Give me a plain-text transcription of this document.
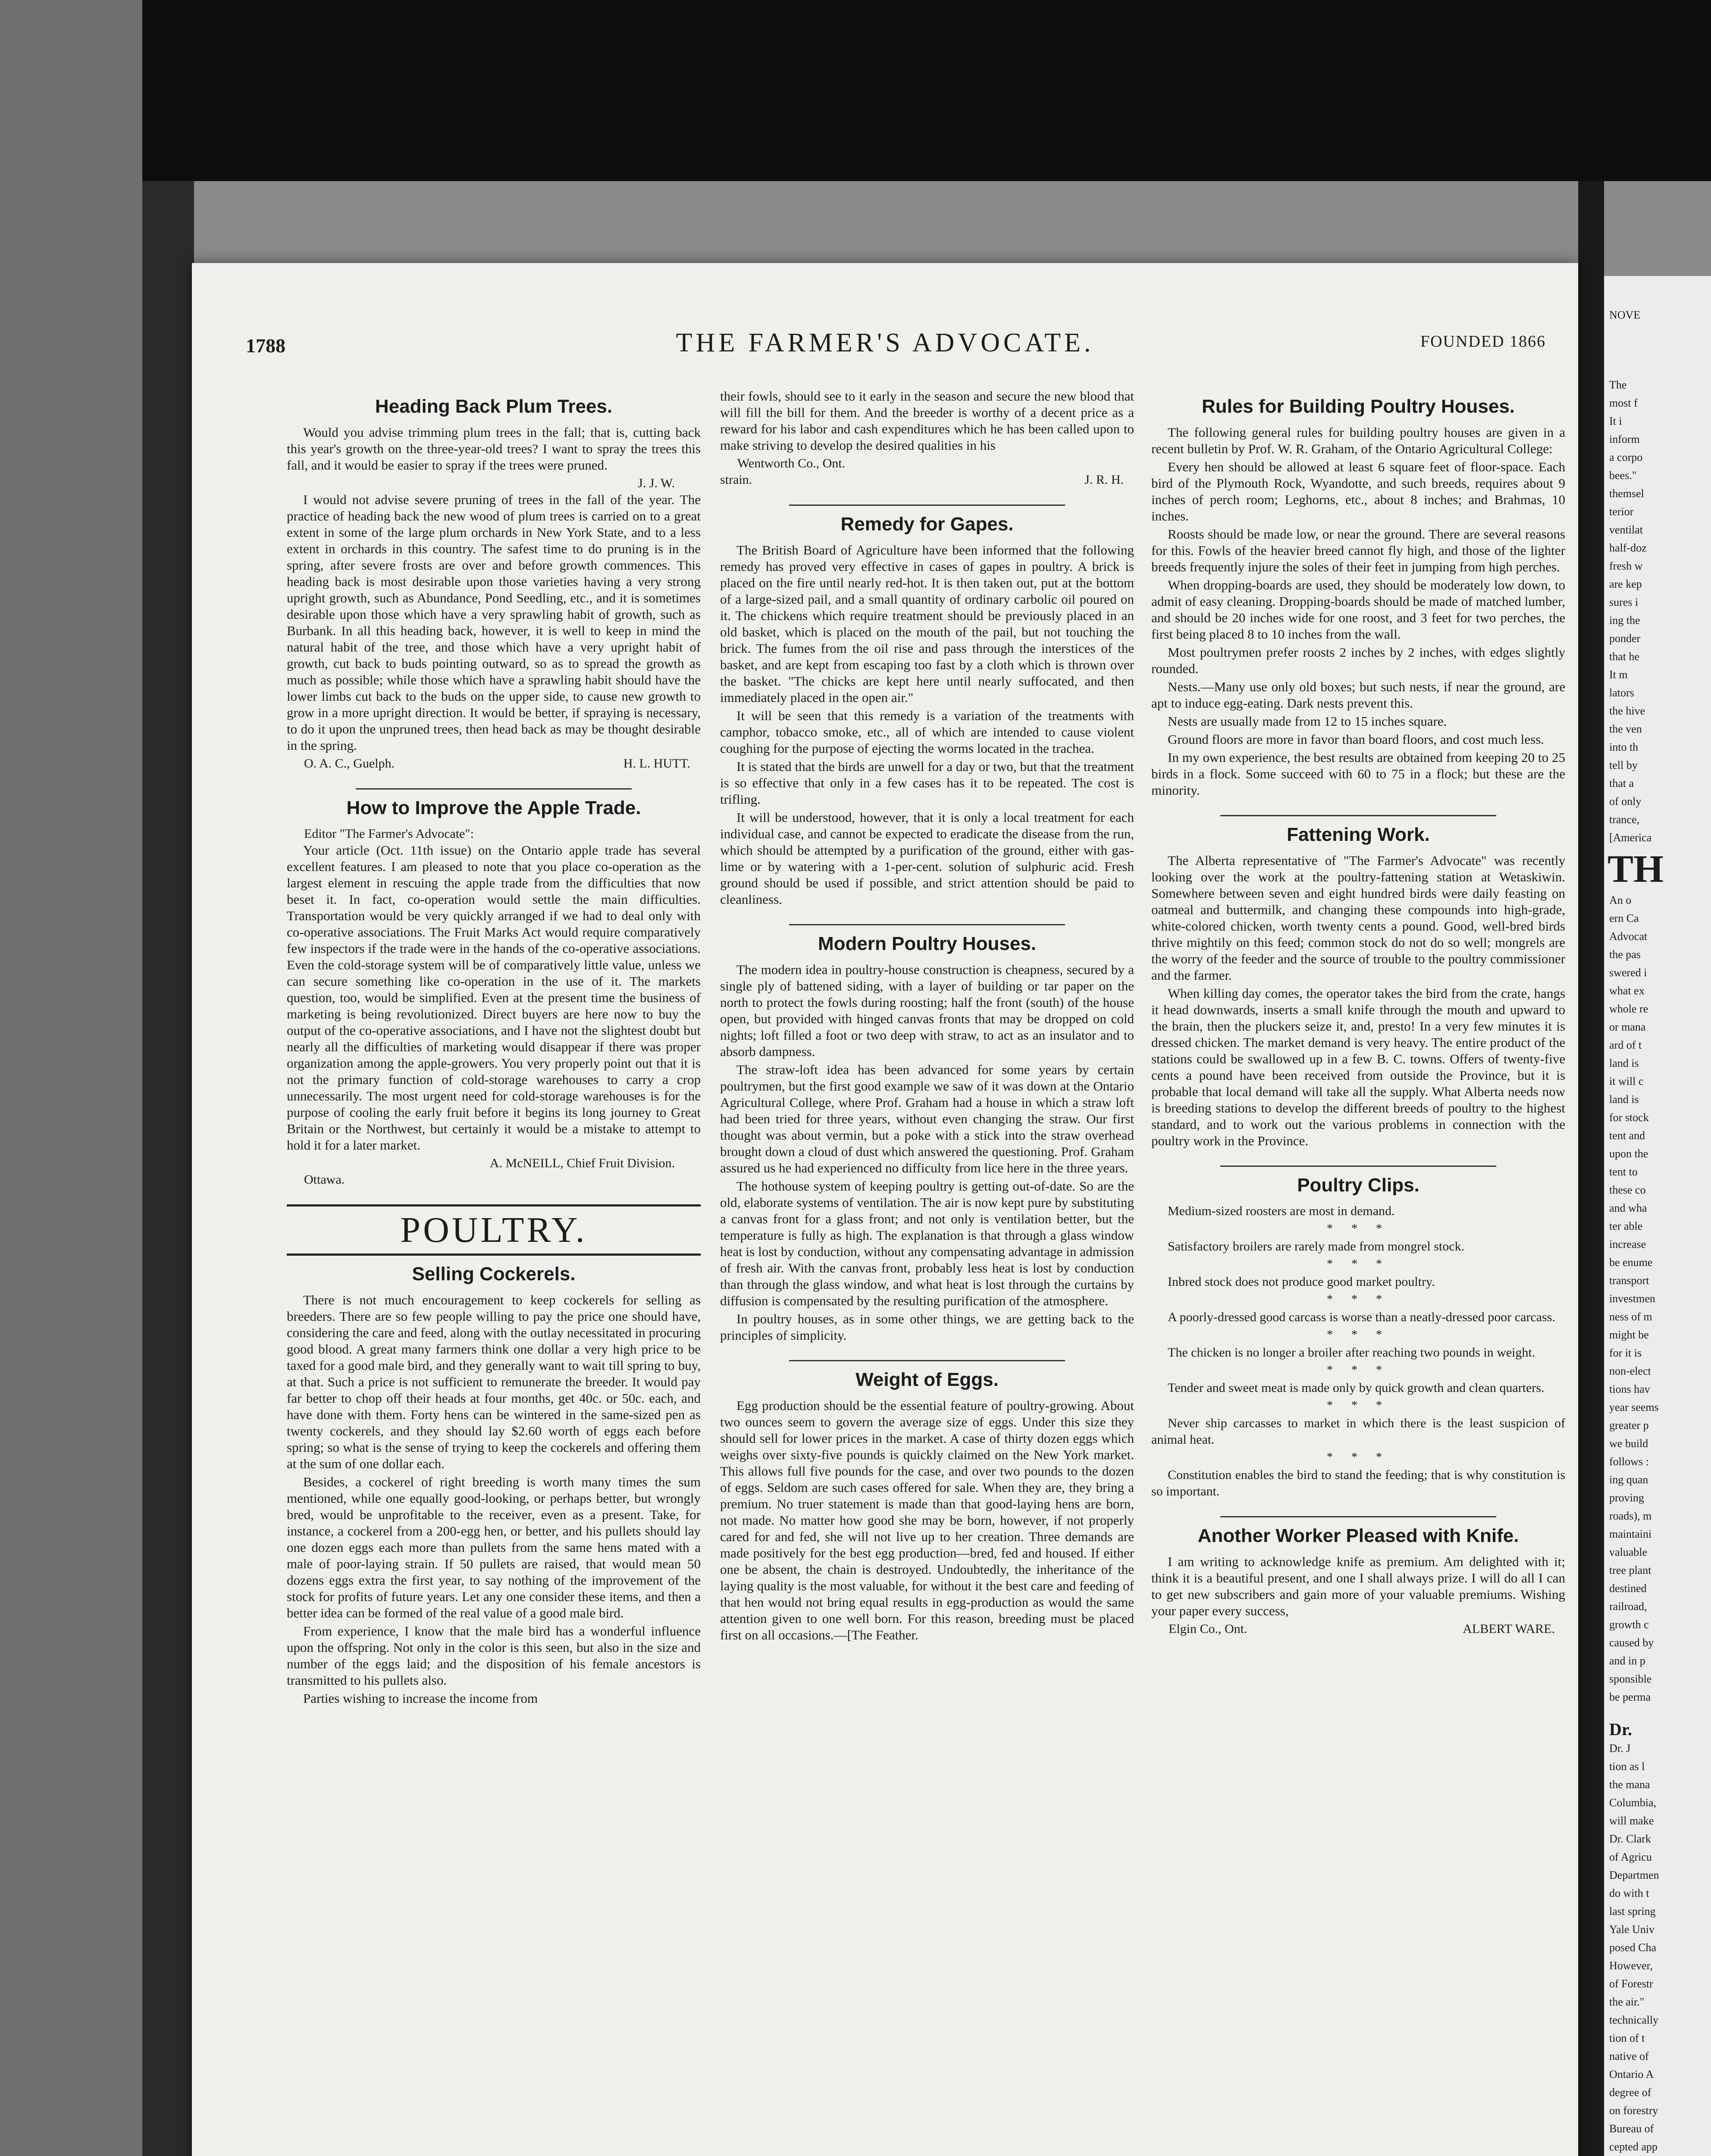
1788	THE FARMER'S ADVOCATE.	FOUNDED 1866
Heading Back Plum Trees.

Would you advise trimming plum trees in the fall; that is, cutting back this year's growth on the three-year-old trees? I want to spray the trees this fall, and it would be easier to spray if the trees were pruned.

J. J. W.

I would not advise severe pruning of trees in the fall of the year. The practice of heading back the new wood of plum trees is carried on to a great extent in some of the large plum orchards in New York State, and to a less extent in orchards in this country. The safest time to do pruning is in the spring, after severe frosts are over and before growth commences. This heading back is most desirable upon those varieties having a very strong upright growth, such as Abundance, Pond Seedling, etc., and it is sometimes desirable upon those which have a very sprawling habit of growth, such as Burbank. In all this heading back, however, it is well to keep in mind the natural habit of the tree, and those which have a very upright habit of growth, cut back to buds pointing outward, so as to spread the growth as much as possible; while those which have a sprawling habit should have the lower limbs cut back to the buds on the upper side, to cause new growth to grow in a more upright direction. It would be better, if spraying is necessary, to do it upon the unpruned trees, then head back as may be thought desirable in the spring.

O. A. C., Guelph.	H. L. HUTT.
How to Improve the Apple Trade.
Editor "The Farmer's Advocate":

Your article (Oct. 11th issue) on the Ontario apple trade has several excellent features. I am pleased to note that you place co-operation as the largest element in rescuing the apple trade from the difficulties that now beset it. In fact, co-operation would settle the main difficulties. Transportation would be very quickly arranged if we had to deal only with co-operative associations. The Fruit Marks Act would require comparatively few inspectors if the trade were in the hands of the co-operative associations. Even the cold-storage system will be of comparatively little value, unless we can secure something like co-operation in the use of it. The markets question, too, would be simplified. Even at the present time the business of marketing is being revolutionized. Direct buyers are here now to buy the output of the co-operative associations, and I have not the slightest doubt but nearly all the difficulties of marketing would disappear if there was proper organization among the apple-growers. You very properly point out that it is not the primary function of cold-storage warehouses to carry a crop unnecessarily. The most urgent need for cold-storage warehouses is for the purpose of cooling the early fruit before it begins its long journey to Great Britain or the Northwest, but certainly it would be a mistake to attempt to hold it for a later market.

A. McNEILL, Chief Fruit Division.
Ottawa.
POULTRY.
Selling Cockerels.

There is not much encouragement to keep cockerels for selling as breeders. There are so few people willing to pay the price one should have, considering the care and feed, along with the outlay necessitated in procuring good blood. A great many farmers think one dollar a very high price to be taxed for a good male bird, and they generally want to wait till spring to buy, at that. Such a price is not sufficient to remunerate the breeder. It would pay far better to chop off their heads at four months, get 40c. or 50c. each, and have done with them. Forty hens can be wintered in the same-sized pen as twenty cockerels, and they should lay $2.60 worth of eggs each before spring; so what is the sense of trying to keep the cockerels and offering them at the sum of one dollar each.

Besides, a cockerel of right breeding is worth many times the sum mentioned, while one equally good-looking, or perhaps better, but wrongly bred, would be unprofitable to the receiver, even as a present. Take, for instance, a cockerel from a 200-egg hen, or better, and his pullets should lay one dozen eggs each more than pullets from the same hens mated with a male of poor-laying strain. If 50 pullets are raised, that would mean 50 dozens eggs extra the first year, to say nothing of the improvement of the stock for profits of future years. Let any one consider these items, and then a better idea can be formed of the real value of a good male bird.

From experience, I know that the male bird has a wonderful influence upon the offspring. Not only in the color is this seen, but also in the size and number of the eggs laid; and the disposition of his female ancestors is transmitted to his pullets also.

Parties wishing to increase the income from

their fowls, should see to it early in the season and secure the new blood that will fill the bill for them. And the breeder is worthy of a decent price as a reward for his labor and cash expenditures which he has been called upon to make striving to develop the desired qualities in his

Wentworth Co., Ont.
strain.	J. R. H.
Remedy for Gapes.

The British Board of Agriculture have been informed that the following remedy has proved very effective in cases of gapes in poultry. A brick is placed on the fire until nearly red-hot. It is then taken out, put at the bottom of a large-sized pail, and a small quantity of ordinary carbolic oil poured on it. The chickens which require treatment should be previously placed in an old basket, which is placed on the mouth of the pail, but not touching the brick. The fumes from the oil rise and pass through the interstices of the basket, and are kept from escaping too fast by a cloth which is thrown over the basket. "The chicks are kept here until nearly suffocated, and then immediately placed in the open air."

It will be seen that this remedy is a variation of the treatments with camphor, tobacco smoke, etc., all of which are intended to cause violent coughing for the purpose of ejecting the worms located in the trachea.

It is stated that the birds are unwell for a day or two, but that the treatment is so effective that only in a few cases has it to be repeated. The cost is trifling.

It will be understood, however, that it is only a local treatment for each individual case, and cannot be expected to eradicate the disease from the run, which should be attempted by a purification of the ground, either with gas-lime or by watering with a 1-per-cent. solution of sulphuric acid. Fresh ground should be used if possible, and strict attention should be paid to cleanliness.

Modern Poultry Houses.

The modern idea in poultry-house construction is cheapness, secured by a single ply of battened siding, with a layer of building or tar paper on the north to protect the fowls during roosting; half the front (south) of the house open, but provided with hinged canvas fronts that may be dropped on cold nights; loft filled a foot or two deep with straw, to act as an insulator and to absorb dampness.

The straw-loft idea has been advanced for some years by certain poultrymen, but the first good example we saw of it was down at the Ontario Agricultural College, where Prof. Graham had a house in which a straw loft had been tried for three years, without even changing the straw. Our first thought was about vermin, but a poke with a stick into the straw overhead brought down a cloud of dust which answered the questioning. Prof. Graham assured us he had experienced no difficulty from lice here in the three years.

The hothouse system of keeping poultry is getting out-of-date. So are the old, elaborate systems of ventilation. The air is now kept pure by substituting a canvas front for a glass front; and not only is ventilation better, but the temperature is fully as high. The explanation is that through a glass window heat is lost by conduction, without any compensating advantage in admission of fresh air. With the canvas front, probably less heat is lost by conduction than through the glass window, and what heat is lost through the curtains by diffusion is compensated by the resulting purification of the atmosphere.

In poultry houses, as in some other things, we are getting back to the principles of simplicity.

Weight of Eggs.

Egg production should be the essential feature of poultry-growing. About two ounces seem to govern the average size of eggs. Under this size they should sell for lower prices in the market. A case of thirty dozen eggs which weighs over sixty-five pounds is quickly claimed on the New York market. This allows full five pounds for the case, and over two pounds to the dozen of eggs. Seldom are such cases offered for sale. When they are, they bring a premium. No truer statement is made than that good-laying hens are born, not made. No matter how good she may be born, however, if not properly cared for and fed, she will not live up to her creation. Three demands are made positively for the best egg production—bred, fed and housed. If either one be absent, the chain is destroyed. Undoubtedly, the inheritance of the laying quality is the most valuable, for without it the best care and feeding of that hen would not bring equal results in egg-production as would the same attention given to one well born. For this reason, breeding must be placed first on all occasions.—[The Feather.

Rules for Building Poultry Houses.

The following general rules for building poultry houses are given in a recent bulletin by Prof. W. R. Graham, of the Ontario Agricultural College:

Every hen should be allowed at least 6 square feet of floor-space. Each bird of the Plymouth Rock, Wyandotte, and such breeds, requires about 9 inches of perch room; Leghorns, etc., about 8 inches; and Brahmas, 10 inches.

Roosts should be made low, or near the ground. There are several reasons for this. Fowls of the heavier breed cannot fly high, and those of the lighter breeds frequently injure the soles of their feet in jumping from high perches.

When dropping-boards are used, they should be moderately low down, to admit of easy cleaning. Dropping-boards should be made of matched lumber, and should be 20 inches wide for one roost, and 3 feet for two perches, the first being placed 8 to 10 inches from the wall.

Most poultrymen prefer roosts 2 inches by 2 inches, with edges slightly rounded.

Nests.—Many use only old boxes; but such nests, if near the ground, are apt to induce egg-eating. Dark nests prevent this.

Nests are usually made from 12 to 15 inches square.

Ground floors are more in favor than board floors, and cost much less.

In my own experience, the best results are obtained from keeping 20 to 25 birds in a flock. Some succeed with 60 to 75 in a flock; but these are the minority.

Fattening Work.

The Alberta representative of "The Farmer's Advocate" was recently looking over the work at the poultry-fattening station at Wetaskiwin. Somewhere between seven and eight hundred birds were daily feasting on oatmeal and buttermilk, and changing these compounds into high-grade, white-colored chicken, worth twenty cents a pound. Good, well-bred birds thrive mightily on this feed; common stock do not do so well; mongrels are the worry of the feeder and the source of trouble to the poultry commissioner and the farmer.

When killing day comes, the operator takes the bird from the crate, hangs it head downwards, inserts a small knife through the mouth and upward to the brain, then the pluckers seize it, and, presto! In a very few minutes it is dressed chicken. The market demand is very heavy. The entire product of the stations could be swallowed up in a few B. C. towns. Offers of twenty-five cents a pound have been received from outside the Province, but it is probable that local demand will take all the supply. What Alberta needs now is breeding stations to develop the different breeds of poultry to the highest standard, and to work out the various problems in connection with the poultry work in the Province.

Poultry Clips.
Medium-sized roosters are most in demand.
* * *
Satisfactory broilers are rarely made from mongrel stock.
* * *
Inbred stock does not produce good market poultry.
* * *
A poorly-dressed good carcass is worse than a neatly-dressed poor carcass.
* * *
The chicken is no longer a broiler after reaching two pounds in weight.
* * *
Tender and sweet meat is made only by quick growth and clean quarters.
* * *
Never ship carcasses to market in which there is the least suspicion of animal heat.
* * *
Constitution enables the bird to stand the feeding; that is why constitution is so important.
Another Worker Pleased with Knife.

I am writing to acknowledge knife as premium. Am delighted with it; think it is a beautiful present, and one I shall always prize. I will do all I can to get new subscribers and gain more of your valuable premiums. Wishing your paper every success,

Elgin Co., Ont.	ALBERT WARE.
NOVE
The
most f
It i
inform
a corpo
bees."
themsel
terior
ventilat
half-doz
fresh w
are kep
sures i
ing the
ponder
that he
It m
lators
the hive
the ven
into th
tell by
that a
of only
trance,
[America
TH
An o
ern Ca
Advocat
the pas
swered i
what ex
whole re
or mana
ard of t
land is
it will c
land is
for stock
tent and
upon the
tent to
these co
and wha
ter able
increase
be enume
transport
investmen
ness of m
might be
for it is
non-elect
tions hav
year seems
greater p
we build
follows :
ing quan
proving
roads), m
maintaini
valuable
tree plant
destined
railroad,
growth c
caused by
and in p
sponsible
be perma
Dr.
Dr. J
tion as l
the mana
Columbia,
will make
Dr. Clark
of Agricu
Departmen
do with t
last spring
Yale Univ
posed Cha
However,
of Forestr
the air."
technically
tion of t
native of
Ontario A
degree of
on forestry
Bureau of
cepted app
